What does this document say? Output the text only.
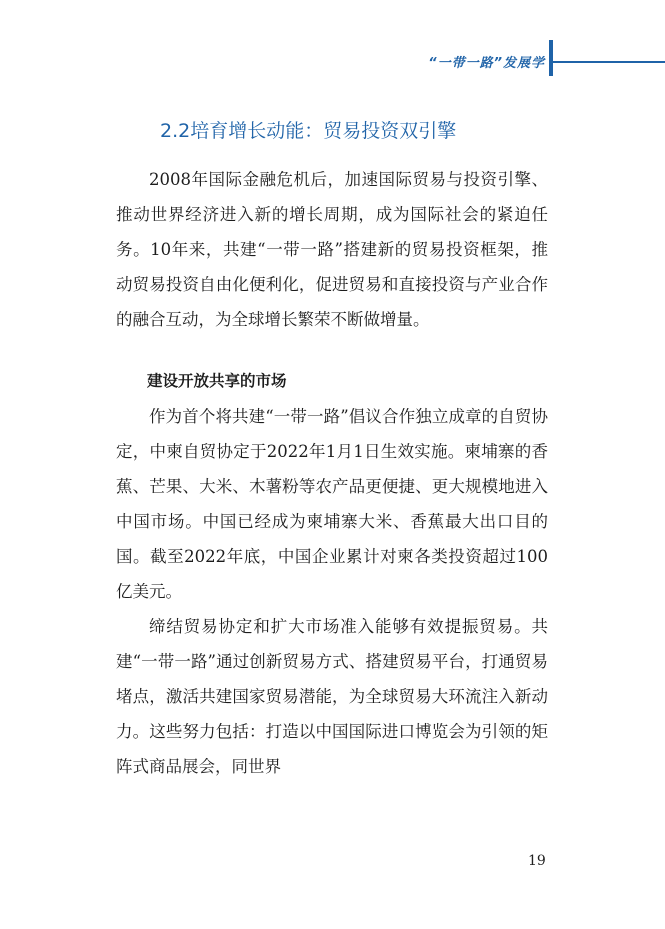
“一带一路”发展学
2.2培育增长动能：贸易投资双引擎

2008年国际金融危机后，加速国际贸易与投资引擎、推动世界经济进入新的增长周期，成为国际社会的紧迫任务。10年来，共建“一带一路”搭建新的贸易投资框架，推动贸易投资自由化便利化，促进贸易和直接投资与产业合作的融合互动，为全球增长繁荣不断做增量。

建设开放共享的市场

作为首个将共建“一带一路”倡议合作独立成章的自贸协定，中柬自贸协定于2022年1月1日生效实施。柬埔寨的香蕉、芒果、大米、木薯粉等农产品更便捷、更大规模地进入中国市场。中国已经成为柬埔寨大米、香蕉最大出口目的国。截至2022年底，中国企业累计对柬各类投资超过100亿美元。

缔结贸易协定和扩大市场准入能够有效提振贸易。共建“一带一路”通过创新贸易方式、搭建贸易平台，打通贸易堵点，激活共建国家贸易潜能，为全球贸易大环流注入新动力。这些努力包括：打造以中国国际进口博览会为引领的矩阵式商品展会，同世界

19
